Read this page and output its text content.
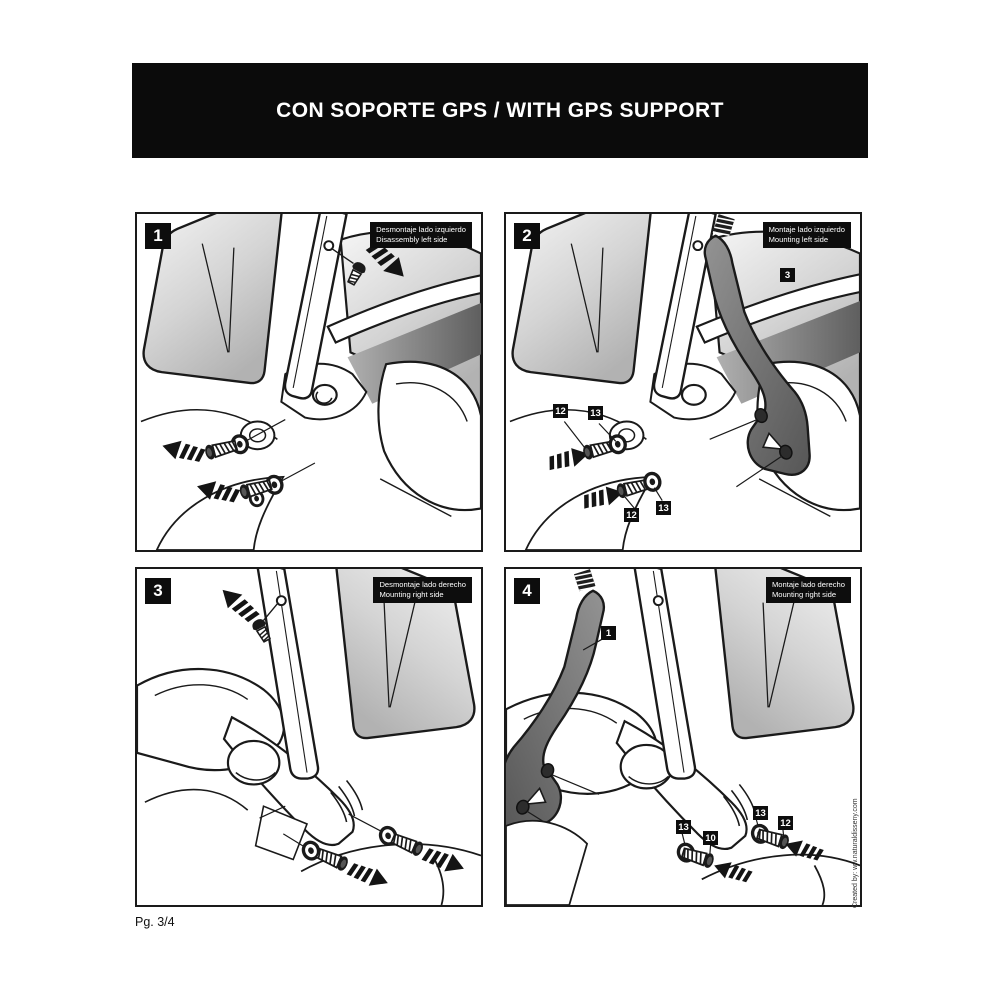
CON SOPORTE GPS / WITH GPS SUPPORT
1	Desmontaje lado izquierdo
Disassembly left side	2	Montaje lado izquierdo
Mounting left side
3
12	13
12
13
3	Desmontaje lado derecho
Mounting right side	4	Montaje lado derecho
Mounting right side
1
13
10
13
12
Pg. 3/4
Created by: ww.naturaldisseny.com
